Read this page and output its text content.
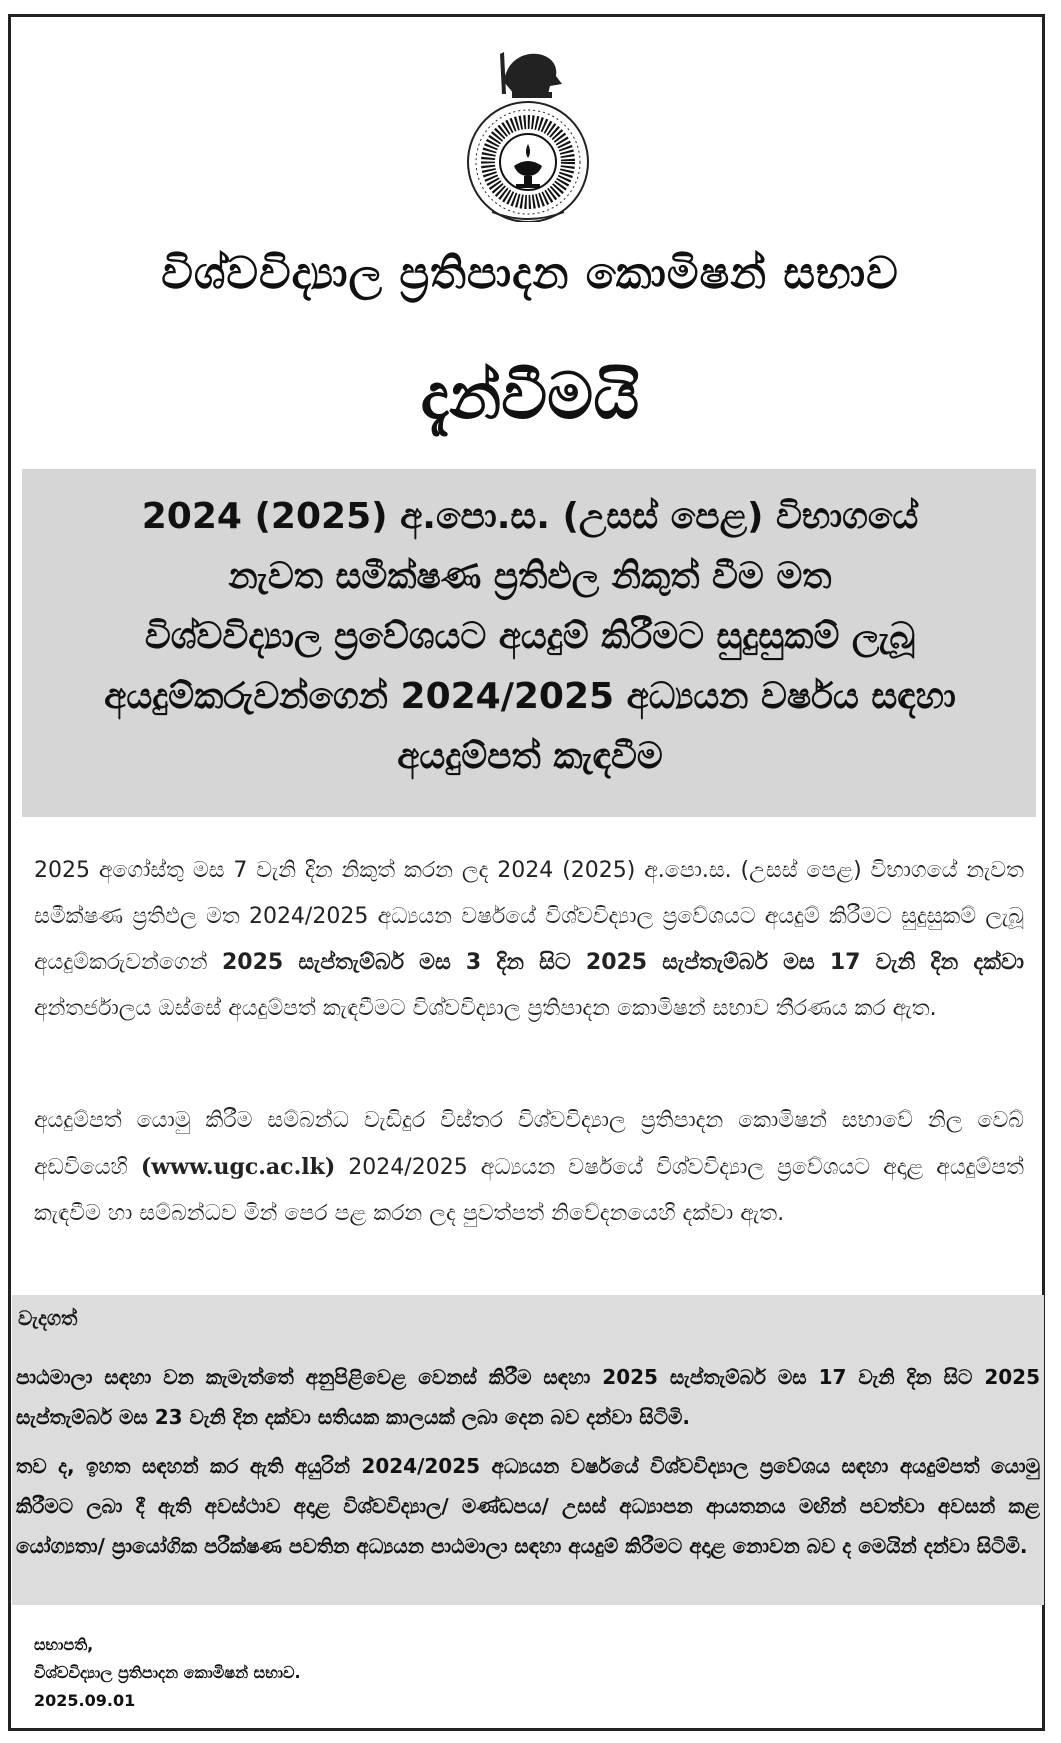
විශ්වවිද්‍යාල ප්‍රතිපාදන කොමිෂන් සභාව
දැන්වීමයි
2024 (2025) අ.පො.ස. (උසස් පෙළ) විභාගයේ
නැවත සමීක්ෂණ ප්‍රතිඵල නිකුත් වීම මත
විශ්වවිද්‍යාල ප්‍රවේශයට අයදුම් කිරීමට සුදුසුකම් ලැබූ
අයදුම්කරුවන්ගෙන් 2024/2025 අධ්‍යයන වර්ෂය සඳහා
අයදුම්පත් කැඳවීම
2025 අගෝස්තු මස 7 වැනි දින නිකුත් කරන ලද 2024 (2025) අ.පො.ස. (උසස් පෙළ) විභාගයේ නැවත සමීක්ෂණ ප්‍රතිඵල මත 2024/2025 අධ්‍යයන වර්ෂයේ විශ්වවිද්‍යාල ප්‍රවේශයට අයදුම් කිරීමට සුදුසුකම් ලැබූ අයදුම්කරුවන්ගෙන් 2025 සැප්තැම්බර් මස 3 දින සිට 2025 සැප්තැම්බර් මස 17 වැනි දින දක්වා අන්තර්ජාලය ඔස්සේ අයදුම්පත් කැඳවීමට විශ්වවිද්‍යාල ප්‍රතිපාදන කොමිෂන් සභාව තීරණය කර ඇත.
අයදුම්පත් යොමු කිරීම සම්බන්ධ වැඩිදුර විස්තර විශ්වවිද්‍යාල ප්‍රතිපාදන කොමිෂන් සභාවේ නිල වෙබ් අඩවියෙහි (www.ugc.ac.lk) 2024/2025 අධ්‍යයන වර්ෂයේ විශ්වවිද්‍යාල ප්‍රවේශයට අදාළ අයදුම්පත් කැඳවීම හා සම්බන්ධව මින් පෙර පළ කරන ලද පුවත්පත් නිවේදනයෙහි දක්වා ඇත.
වැදගත්
පාඨමාලා සඳහා වන කැමැත්තේ අනුපිළිවෙළ වෙනස් කිරීම සඳහා 2025 සැප්තැම්බර් මස 17 වැනි දින සිට 2025 සැප්තැම්බර් මස 23 වැනි දින දක්වා සතියක කාලයක් ලබා දෙන බව දන්වා සිටිමි.
තව ද, ඉහත සඳහන් කර ඇති අයුරින් 2024/2025 අධ්‍යයන වර්ෂයේ විශ්වවිද්‍යාල ප්‍රවේශය සඳහා අයදුම්පත් යොමු කිරීමට ලබා දී ඇති අවස්ථාව අදාළ විශ්වවිද්‍යාල/ මණ්ඩපය/ උසස් අධ්‍යාපන ආයතනය මඟින් පවත්වා අවසන් කළ යෝග්‍යතා/ ප්‍රායෝගික පරීක්ෂණ පවතින අධ්‍යයන පාඨමාලා සඳහා අයදුම් කිරීමට අදාළ නොවන බව ද මෙයින් දන්වා සිටිමි.
සභාපති,
විශ්වවිද්‍යාල ප්‍රතිපාදන කොමිෂන් සභාව.
2025.09.01
